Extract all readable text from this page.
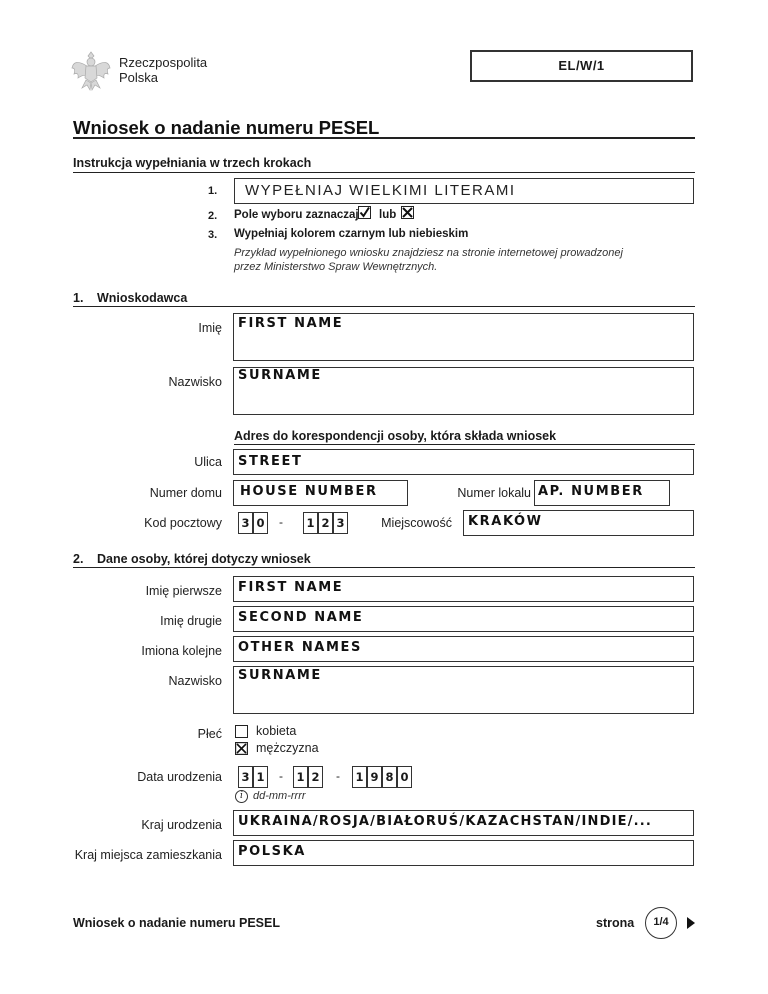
Rzeczpospolita
Polska
EL/W/1
Wniosek o nadanie numeru PESEL
Instrukcja wypełniania w trzech krokach
1.	WYPEŁNIAJ WIELKIMI LITERAMI
2. Pole wyboru zaznaczaj lub
3. Wypełniaj kolorem czarnym lub niebieskim
Przykład wypełnionego wniosku znajdziesz na stronie internetowej prowadzonej
przez Ministerstwo Spraw Wewnętrznych.
1. Wnioskodawca
Imię FIRST NAME
Nazwisko SURNAME
Adres do korespondencji osoby, która składa wniosek
Ulica STREET
Numer domu HOUSE NUMBER	Numer lokalu AP. NUMBER
Kod pocztowy	3 0 -	1 2 3	Miejscowość KRAKÓW
2. Dane osoby, której dotyczy wniosek
Imię pierwsze FIRST NAME
Imię drugie SECOND NAME
Imiona kolejne OTHER NAMES
Nazwisko SURNAME
Płeć	kobieta
mężczyzna
Data urodzenia	3 1 -	1 2 -	1 9 8 0
i dd-mm-rrrr
Kraj urodzenia UKRAINA/ROSJA/BIAŁORUŚ/KAZACHSTAN/INDIE/...
Kraj miejsca zamieszkania POLSKA
Wniosek o nadanie numeru PESEL	strona	1/4
